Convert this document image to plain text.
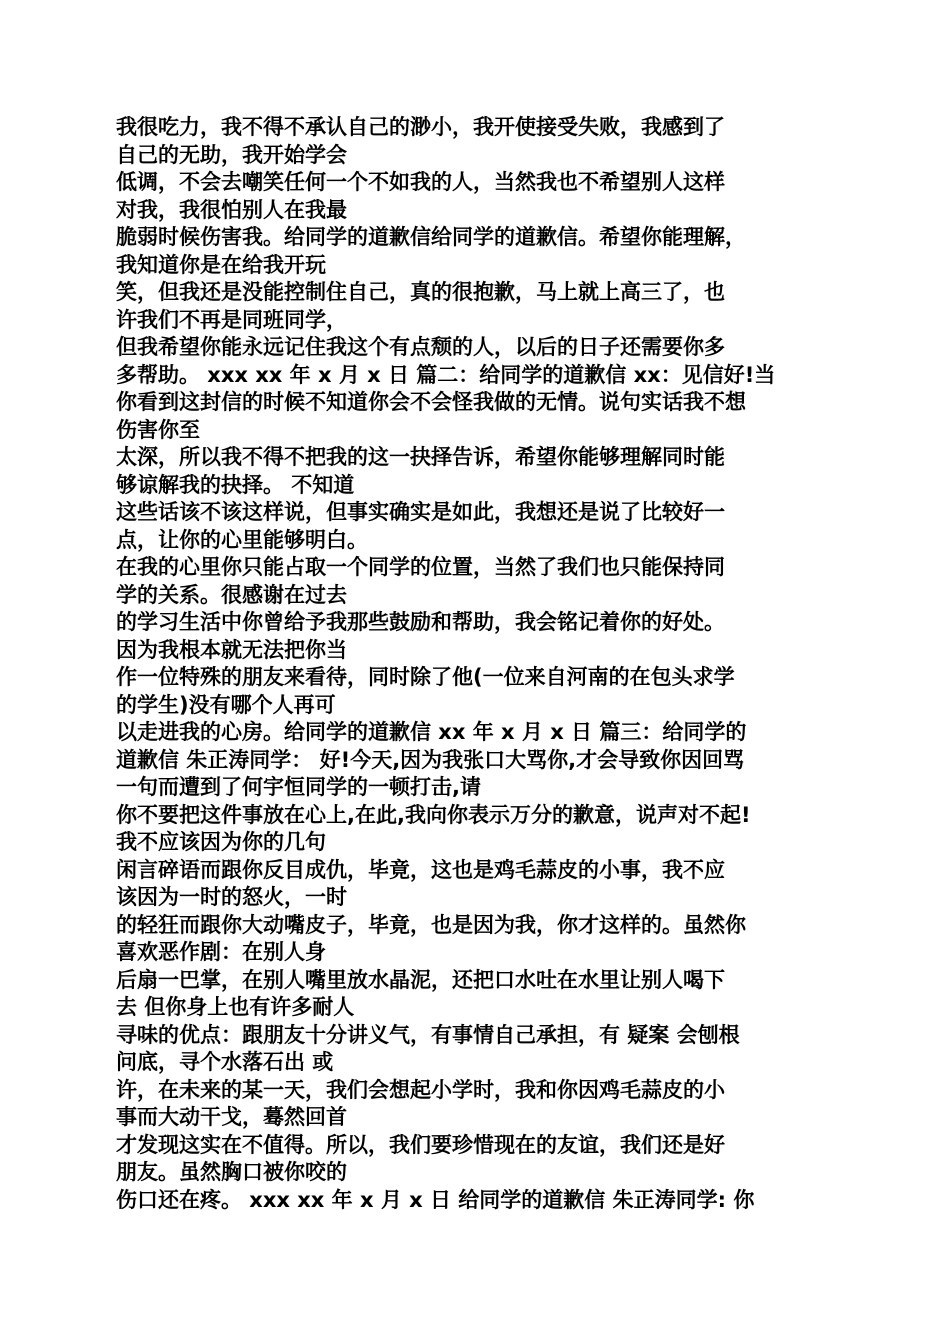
我很吃力，我不得不承认自己的渺小，我开使接受失败，我感到了
自己的无助，我开始学会
低调，不会去嘲笑任何一个不如我的人，当然我也不希望别人这样
对我，我很怕别人在我最
脆弱时候伤害我。给同学的道歉信给同学的道歉信。希望你能理解，
我知道你是在给我开玩
笑，但我还是没能控制住自己，真的很抱歉，马上就上高三了，也
许我们不再是同班同学，
但我希望你能永远记住我这个有点颓的人，以后的日子还需要你多
多帮助。 xxx xx 年 x 月 x 日 篇二：给同学的道歉信 xx：见信好!当
你看到这封信的时候不知道你会不会怪我做的无情。说句实话我不想
伤害你至
太深，所以我不得不把我的这一抉择告诉，希望你能够理解同时能
够谅解我的抉择。 不知道
这些话该不该这样说，但事实确实是如此，我想还是说了比较好一
点，让你的心里能够明白。
在我的心里你只能占取一个同学的位置，当然了我们也只能保持同
学的关系。很感谢在过去
的学习生活中你曾给予我那些鼓励和帮助，我会铭记着你的好处。
因为我根本就无法把你当
作一位特殊的朋友来看待，同时除了他(一位来自河南的在包头求学
的学生)没有哪个人再可
以走进我的心房。给同学的道歉信 xx 年 x 月 x 日 篇三：给同学的
道歉信 朱正涛同学： 好!今天,因为我张口大骂你,才会导致你因回骂
一句而遭到了何宇恒同学的一顿打击,请
你不要把这件事放在心上,在此,我向你表示万分的歉意，说声对不起!
我不应该因为你的几句
闲言碎语而跟你反目成仇，毕竟，这也是鸡毛蒜皮的小事，我不应
该因为一时的怒火，一时
的轻狂而跟你大动嘴皮子，毕竟，也是因为我，你才这样的。虽然你
喜欢恶作剧：在别人身
后扇一巴掌，在别人嘴里放水晶泥，还把口水吐在水里让别人喝下
去 但你身上也有许多耐人
寻味的优点：跟朋友十分讲义气，有事情自己承担，有 疑案 会刨根
问底，寻个水落石出 或
许，在未来的某一天，我们会想起小学时，我和你因鸡毛蒜皮的小
事而大动干戈，蓦然回首
才发现这实在不值得。所以，我们要珍惜现在的友谊，我们还是好
朋友。虽然胸口被你咬的
伤口还在疼。 xxx xx 年 x 月 x 日 给同学的道歉信 朱正涛同学: 你
